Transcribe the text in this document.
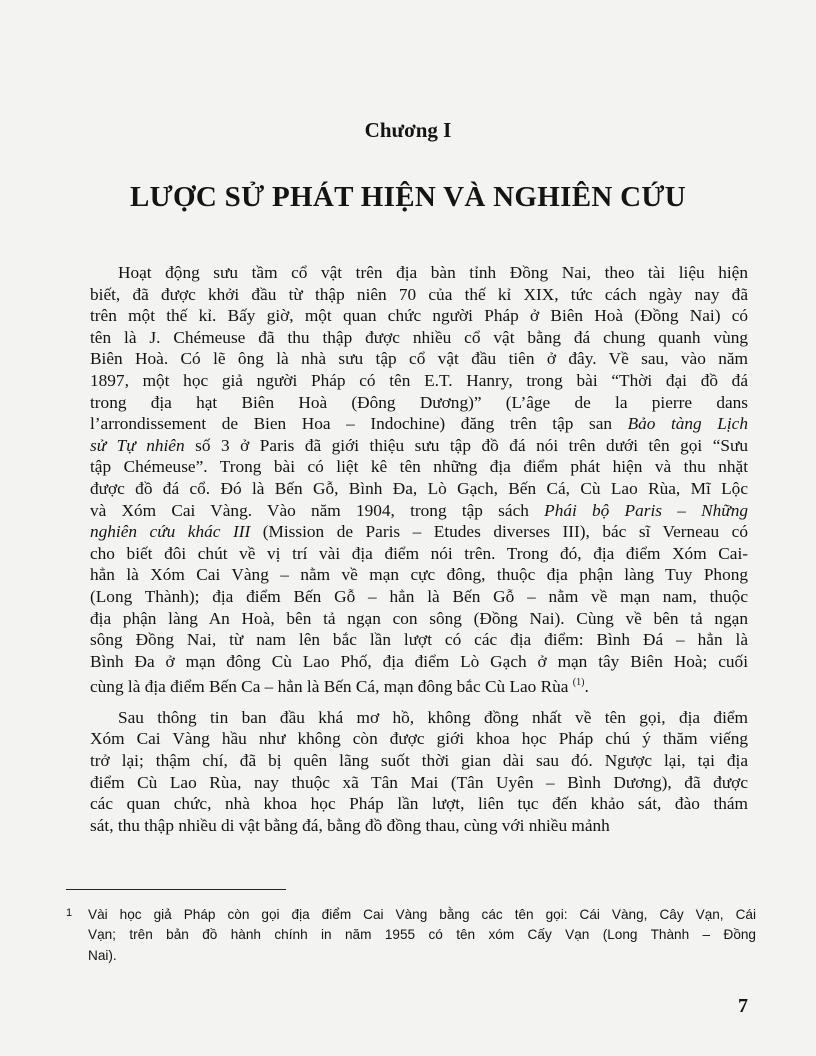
Chương I
LƯỢC SỬ PHÁT HIỆN VÀ NGHIÊN CỨU
Hoạt động sưu tầm cổ vật trên địa bàn tỉnh Đồng Nai, theo tài liệu hiện
biết, đã được khởi đầu từ thập niên 70 của thế kỉ XIX, tức cách ngày nay đã
trên một thế kỉ. Bấy giờ, một quan chức người Pháp ở Biên Hoà (Đồng Nai) có
tên là J. Chémeuse đã thu thập được nhiều cổ vật bằng đá chung quanh vùng
Biên Hoà. Có lẽ ông là nhà sưu tập cổ vật đầu tiên ở đây. Về sau, vào năm
1897, một học giả người Pháp có tên E.T. Hanry, trong bài “Thời đại đồ đá
trong địa hạt Biên Hoà (Đông Dương)” (L’âge de la pierre dans
l’arrondissement de Bien Hoa – Indochine) đăng trên tập san Bảo tàng Lịch
sử Tự nhiên số 3 ở Paris đã giới thiệu sưu tập đồ đá nói trên dưới tên gọi “Sưu
tập Chémeuse”. Trong bài có liệt kê tên những địa điểm phát hiện và thu nhặt
được đồ đá cổ. Đó là Bến Gỗ, Bình Đa, Lò Gạch, Bến Cá, Cù Lao Rùa, Mĩ Lộc
và Xóm Cai Vàng. Vào năm 1904, trong tập sách Phái bộ Paris – Những
nghiên cứu khác III (Mission de Paris – Etudes diverses III), bác sĩ Verneau có
cho biết đôi chút về vị trí vài địa điểm nói trên. Trong đó, địa điểm Xóm Cai-
hẳn là Xóm Cai Vàng – nằm về mạn cực đông, thuộc địa phận làng Tuy Phong
(Long Thành); địa điểm Bến Gỗ – hẳn là Bến Gỗ – nằm về mạn nam, thuộc
địa phận làng An Hoà, bên tả ngạn con sông (Đồng Nai). Cùng về bên tả ngạn
sông Đồng Nai, từ nam lên bắc lần lượt có các địa điểm: Bình Đá – hẳn là
Bình Đa ở mạn đông Cù Lao Phố, địa điểm Lò Gạch ở mạn tây Biên Hoà; cuối
cùng là địa điểm Bến Ca – hẳn là Bến Cá, mạn đông bắc Cù Lao Rùa $^{(1)}$.
Sau thông tin ban đầu khá mơ hồ, không đồng nhất về tên gọi, địa điểm
Xóm Cai Vàng hầu như không còn được giới khoa học Pháp chú ý thăm viếng
trở lại; thậm chí, đã bị quên lãng suốt thời gian dài sau đó. Ngược lại, tại địa
điểm Cù Lao Rùa, nay thuộc xã Tân Mai (Tân Uyên – Bình Dương), đã được
các quan chức, nhà khoa học Pháp lần lượt, liên tục đến khảo sát, đào thám
sát, thu thập nhiều di vật bằng đá, bằng đồ đồng thau, cùng với nhiều mảnh
1 Vài học giả Pháp còn gọi địa điểm Cai Vàng bằng các tên gọi: Cái Vàng, Cây Vạn, Cái
Vạn; trên bản đồ hành chính in năm 1955 có tên xóm Cấy Vạn (Long Thành – Đồng
Nai).
7
